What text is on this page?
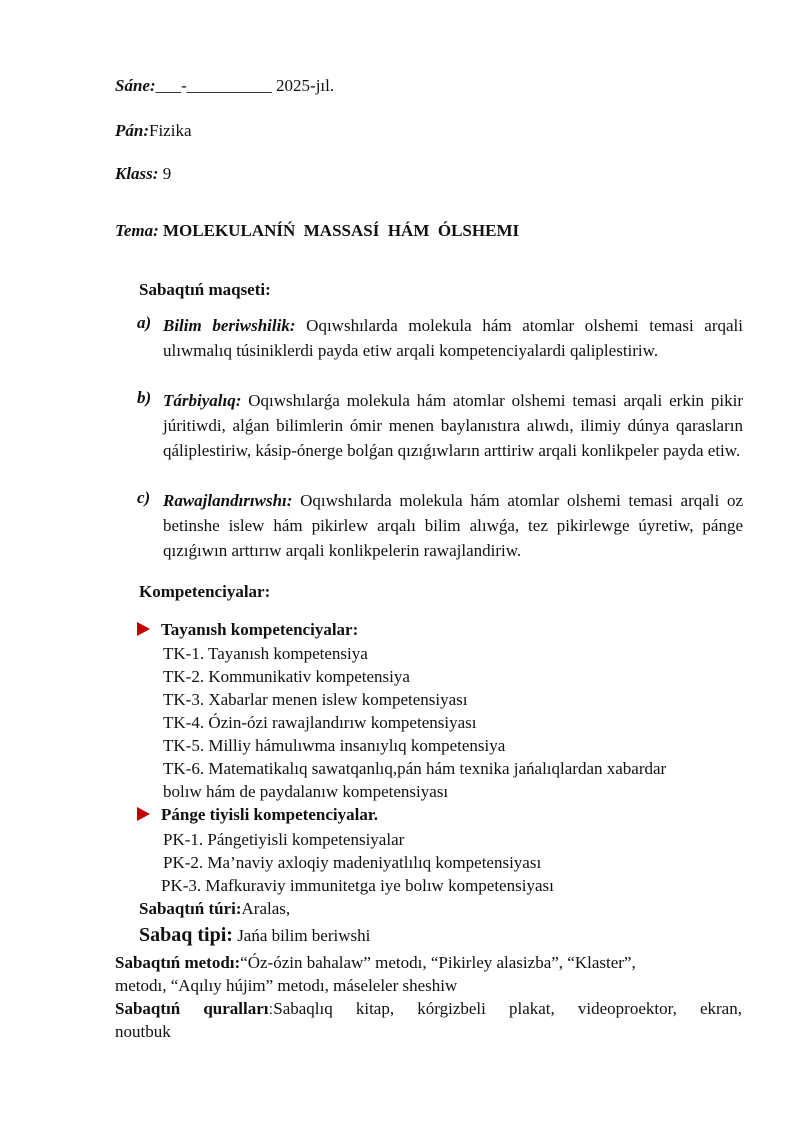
Sáne:___-__________ 2025-jıl.
Pán:Fizika
Klass: 9
Tema: MOLEKULANÍŃ  MASSASÍ  HÁM  ÓLSHEMI
Sabaqtıń maqseti:
a) Bilim beriwshilik: Oqıwshılarda molekula hám atomlar olshemi temasi arqali ulıwmalıq túsiniklerdi payda etiw arqali kompetenciyalardi qaliplestiriw.
b) Tárbiyalıq: Oqıwshılarǵa molekula hám atomlar olshemi temasi arqali erkin pikir júritiwdi, alǵan bilimlerin ómir menen baylanıstıra alıwdı, ilimiy dúnya qarasların qáliplestiriw, kásip-ónerge bolǵan qızıǵıwların arttiriw arqali konlikpeler payda etiw.
c) Rawajlandırıwshı: Oqıwshılarda molekula hám atomlar olshemi temasi arqali oz betinshe islew hám pikirlew arqalı bilim alıwǵa, tez pikirlewge úyretiw, pánge qızıǵıwın arttırıw arqali konlikpelerin rawajlandiriw.
Kompetenciyalar:
Tayanısh kompetenciyalar:
TK-1. Tayanısh kompetensiya
TK-2. Kommunikativ kompetensiya
TK-3. Xabarlar menen islew kompetensiyası
TK-4. Ózin-ózi rawajlandırıw kompetensiyası
TK-5. Milliy hámulıwma insanıylıq kompetensiya
TK-6. Matematikalıq sawatqanlıq,pán hám texnika jańalıqlardan xabardar
bolıw hám de paydalanıw kompetensiyası
Pánge tiyisli kompetenciyalar.
PK-1. Pángetiyisli kompetensiyalar
PK-2. Ma’naviy axloqiy madeniyatlılıq kompetensiyası
PK-3. Mafkuraviy immunitetga iye bolıw kompetensiyası
Sabaqtıń túri:Aralas,
Sabaq tipi: Jańa bilim beriwshi
Sabaqtıń metodı:“Óz-ózin bahalaw” metodı, “Pikirley alasizba”, “Klaster”,
metodı, “Aqılıy hújim” metodı, máseleler sheshiw
Sabaqtıń qurallarıːSabaqlıq kitap, kórgizbeli plakat, videoproektor, ekran,
noutbuk
